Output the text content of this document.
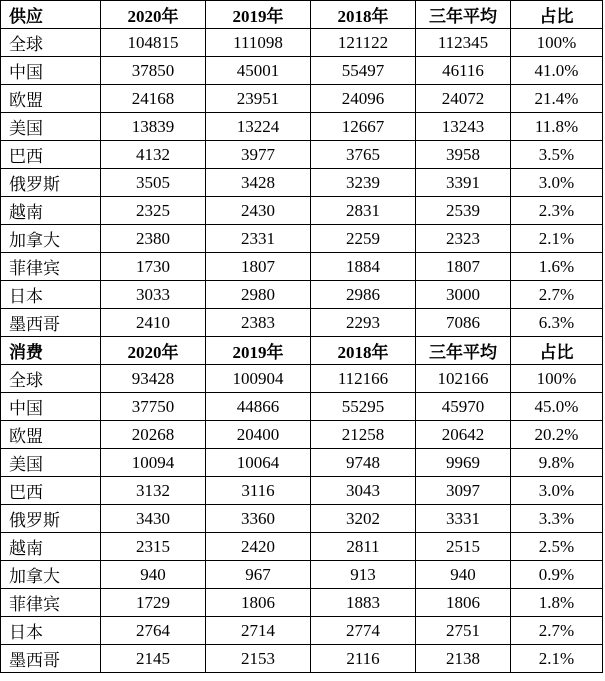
供应	2020年	2019年	2018年	三年平均	占比
全球	104815	111098	121122	112345	100%
中国	37850	45001	55497	46116	41.0%
欧盟	24168	23951	24096	24072	21.4%
美国	13839	13224	12667	13243	11.8%
巴西	4132	3977	3765	3958	3.5%
俄罗斯	3505	3428	3239	3391	3.0%
越南	2325	2430	2831	2539	2.3%
加拿大	2380	2331	2259	2323	2.1%
菲律宾	1730	1807	1884	1807	1.6%
日本	3033	2980	2986	3000	2.7%
墨西哥	2410	2383	2293	7086	6.3%
消费	2020年	2019年	2018年	三年平均	占比
全球	93428	100904	112166	102166	100%
中国	37750	44866	55295	45970	45.0%
欧盟	20268	20400	21258	20642	20.2%
美国	10094	10064	9748	9969	9.8%
巴西	3132	3116	3043	3097	3.0%
俄罗斯	3430	3360	3202	3331	3.3%
越南	2315	2420	2811	2515	2.5%
加拿大	940	967	913	940	0.9%
菲律宾	1729	1806	1883	1806	1.8%
日本	2764	2714	2774	2751	2.7%
墨西哥	2145	2153	2116	2138	2.1%
